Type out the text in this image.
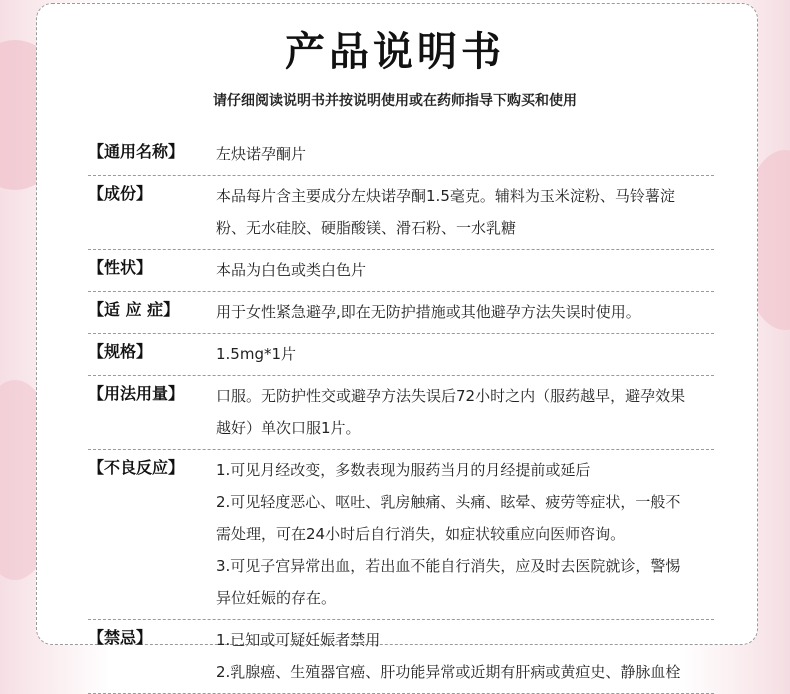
产品说明书
请仔细阅读说明书并按说明使用或在药师指导下购买和使用
【通用名称】	左炔诺孕酮片
【成份】	本品每片含主要成分左炔诺孕酮1.5毫克。辅料为玉米淀粉、马铃薯淀
粉、无水硅胶、硬脂酸镁、滑石粉、一水乳糖
【性状】	本品为白色或类白色片
【适 应 症】	用于女性紧急避孕,即在无防护措施或其他避孕方法失误时使用。
【规格】	1.5mg*1片
【用法用量】	口服。无防护性交或避孕方法失误后72小时之内（服药越早，避孕效果
越好）单次口服1片。
【不良反应】	1.可见月经改变，多数表现为服药当月的月经提前或延后
2.可见轻度恶心、呕吐、乳房触痛、头痛、眩晕、疲劳等症状，一般不
需处理，可在24小时后自行消失，如症状较重应向医师咨询。
3.可见子宫异常出血，若出血不能自行消失，应及时去医院就诊，警惕
异位妊娠的存在。
【禁忌】	1.已知或可疑妊娠者禁用
2.乳腺癌、生殖器官癌、肝功能异常或近期有肝病或黄疸史、静脉血栓
